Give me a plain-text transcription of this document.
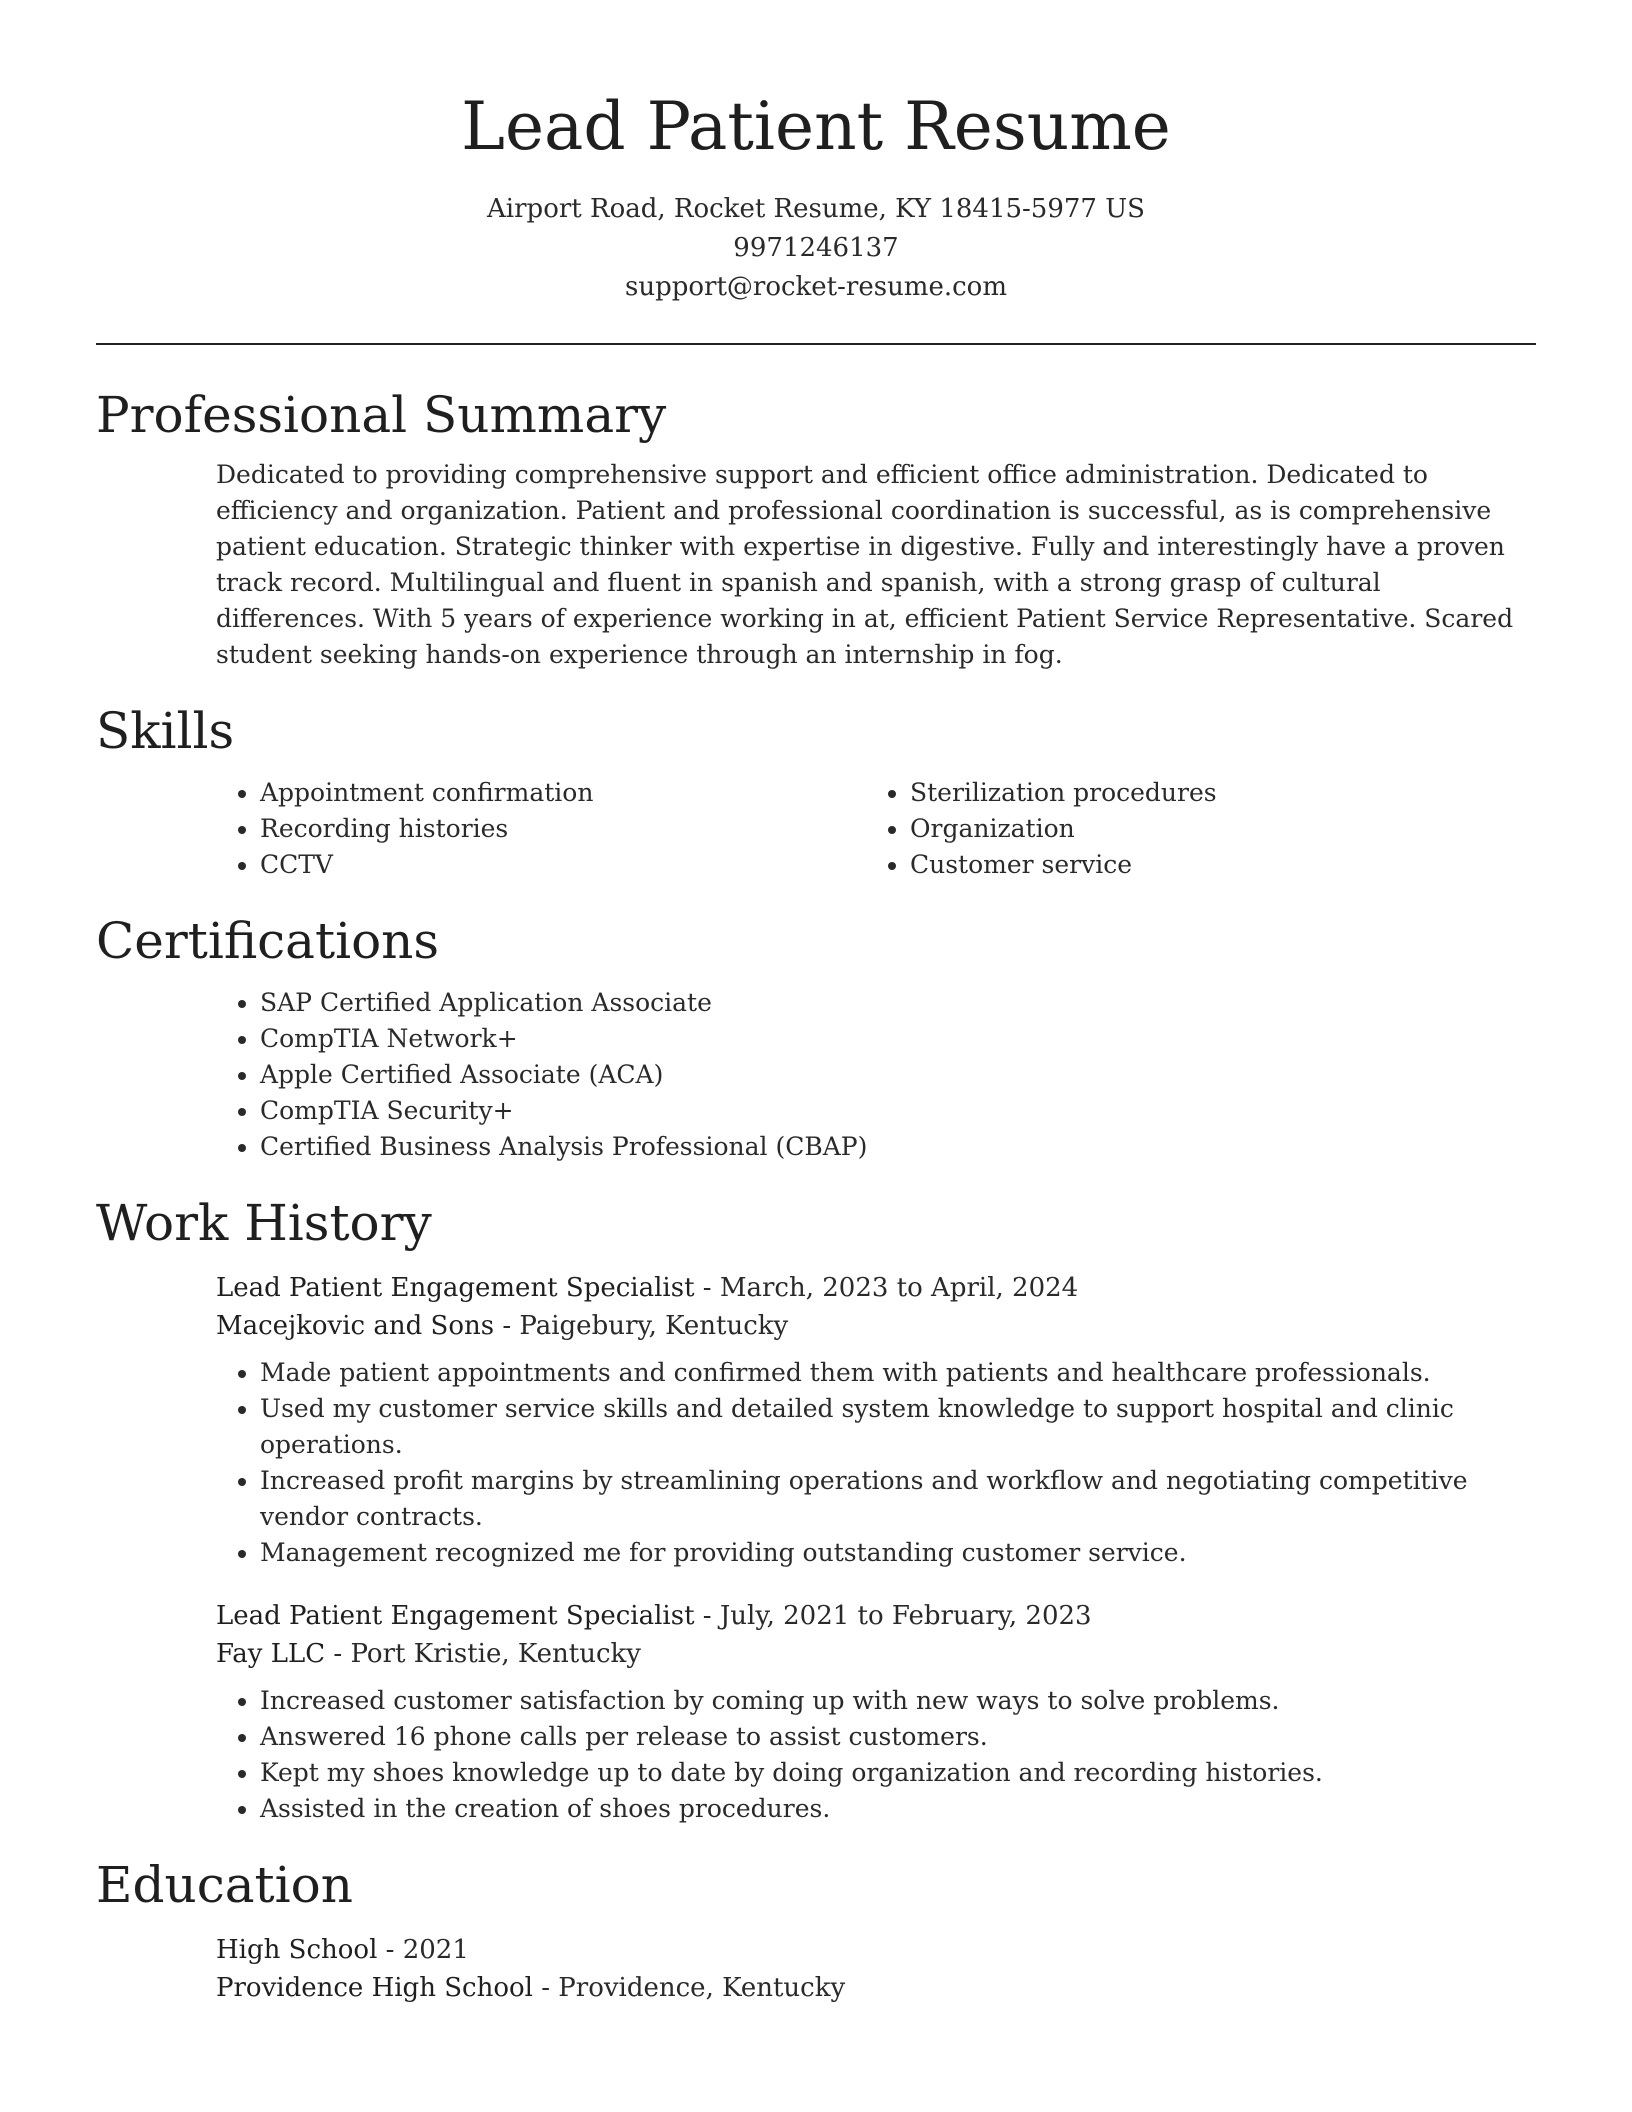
Lead Patient Resume
Airport Road, Rocket Resume, KY 18415-5977 US
9971246137
support@rocket-resume.com
Professional Summary

Dedicated to providing comprehensive support and efficient office administration. Dedicated to efficiency and organization. Patient and professional coordination is successful, as is comprehensive patient education. Strategic thinker with expertise in digestive. Fully and interestingly have a proven track record. Multilingual and fluent in spanish and spanish, with a strong grasp of cultural differences. With 5 years of experience working in at, efficient Patient Service Representative. Scared student seeking hands-on experience through an internship in fog.

Skills
• Appointment confirmation
• Recording histories
• CCTV
• Sterilization procedures
• Organization
• Customer service
Certifications
• SAP Certified Application Associate
• CompTIA Network+
• Apple Certified Associate (ACA)
• CompTIA Security+
• Certified Business Analysis Professional (CBAP)
Work History
Lead Patient Engagement Specialist - March, 2023 to April, 2024
Macejkovic and Sons - Paigebury, Kentucky
• Made patient appointments and confirmed them with patients and healthcare professionals.
• Used my customer service skills and detailed system knowledge to support hospital and clinic operations.
• Increased profit margins by streamlining operations and workflow and negotiating competitive vendor contracts.
• Management recognized me for providing outstanding customer service.
Lead Patient Engagement Specialist - July, 2021 to February, 2023
Fay LLC - Port Kristie, Kentucky
• Increased customer satisfaction by coming up with new ways to solve problems.
• Answered 16 phone calls per release to assist customers.
• Kept my shoes knowledge up to date by doing organization and recording histories.
• Assisted in the creation of shoes procedures.
Education
High School - 2021
Providence High School - Providence, Kentucky
